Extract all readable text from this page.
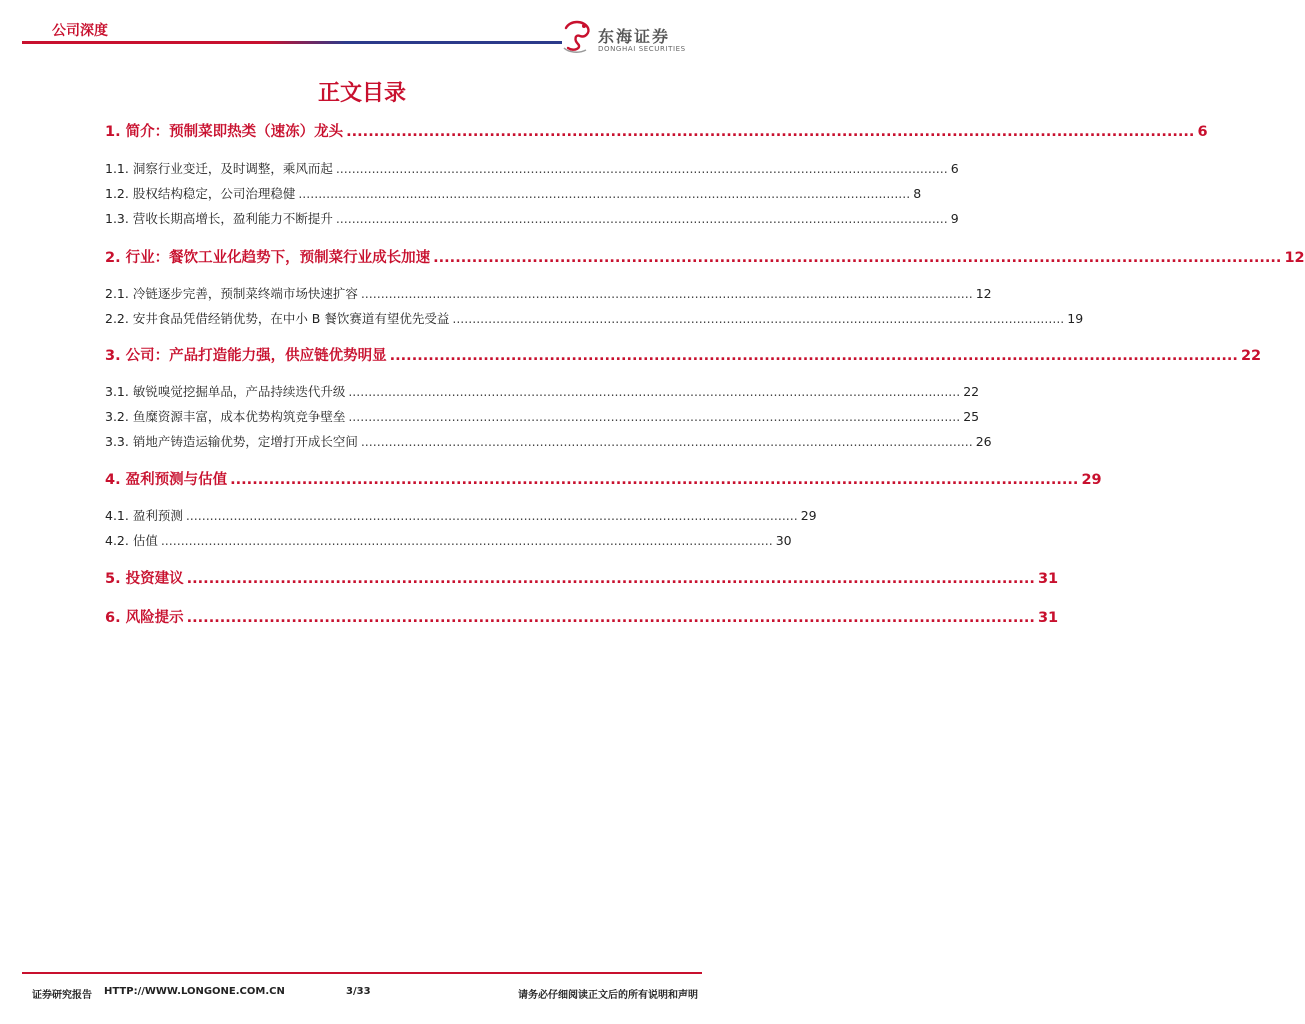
公司深度	东海证券
DONGHAI SECURITIES
正文目录
1. 简介：预制菜即热类（速冻）龙头 .......................................................................................................................................................... 6
1.1. 洞察行业变迁，及时调整，乘风而起 .......................................................................................................................................................... 6
1.2. 股权结构稳定，公司治理稳健 .......................................................................................................................................................... 8
1.3. 营收长期高增长，盈利能力不断提升 .......................................................................................................................................................... 9
2. 行业：餐饮工业化趋势下，预制菜行业成长加速 .......................................................................................................................................................... 12
2.1. 冷链逐步完善，预制菜终端市场快速扩容 .......................................................................................................................................................... 12
2.2. 安井食品凭借经销优势，在中小 B 餐饮赛道有望优先受益 .......................................................................................................................................................... 19
3. 公司：产品打造能力强，供应链优势明显 .......................................................................................................................................................... 22
3.1. 敏锐嗅觉挖掘单品，产品持续迭代升级 .......................................................................................................................................................... 22
3.2. 鱼糜资源丰富，成本优势构筑竞争壁垒 .......................................................................................................................................................... 25
3.3. 销地产铸造运输优势，定增打开成长空间 .......................................................................................................................................................... 26
4. 盈利预测与估值 .......................................................................................................................................................... 29
4.1. 盈利预测 .......................................................................................................................................................... 29
4.2. 估值 .......................................................................................................................................................... 30
5. 投资建议 .......................................................................................................................................................... 31
6. 风险提示 .......................................................................................................................................................... 31
证券研究报告 HTTP://WWW.LONGONE.COM.CN	3/33	请务必仔细阅读正文后的所有说明和声明
